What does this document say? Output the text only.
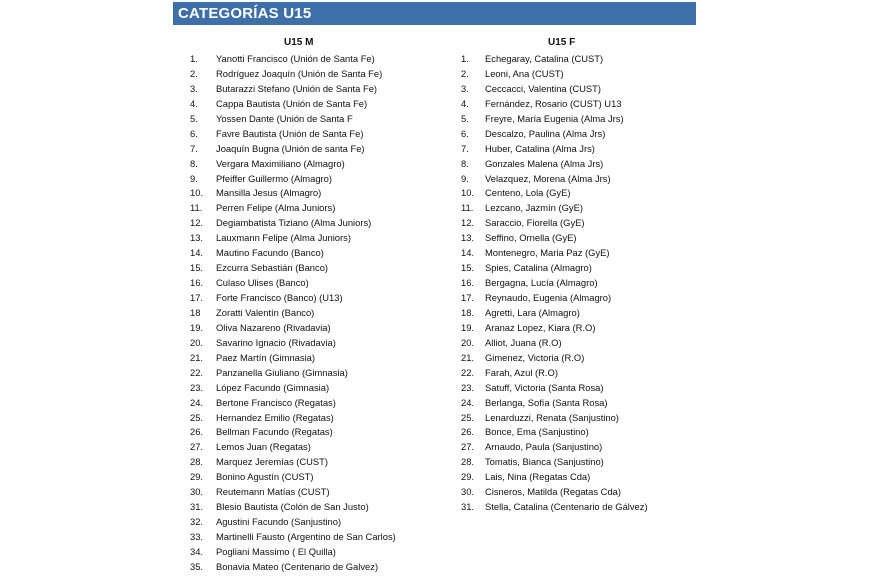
CATEGORÍAS U15
U15 M	U15 F
1. Yanotti Francisco (Unión de Santa Fe)
2. Rodríguez Joaquín (Unión de Santa Fe)
3. Butarazzi Stefano (Unión de Santa Fe)
4. Cappa Bautista (Unión de Santa Fe)
5. Yossen Dante (Unión de Santa F
6. Favre Bautista (Unión de Santa Fe)
7. Joaquín Bugna (Unión de santa Fe)
8. Vergara Maximiliano (Almagro)
9. Pfeiffer Guillermo (Almagro)
10. Mansilla Jesus (Almagro)
11. Perren Felipe (Alma Juniors)
12. Degiambatista Tiziano (Alma Juniors)
13. Lauxmann Felipe (Alma Juniors)
14. Mautino Facundo (Banco)
15. Ezcurra Sebastián (Banco)
16. Culaso Ulises (Banco)
17. Forte Francisco (Banco) (U13)
18 Zoratti Valentín (Banco)
19. Oliva Nazareno (Rivadavia)
20. Savarino Ignacio (Rivadavia)
21. Paez Martín (Gimnasia)
22. Panzanella Giuliano (Gimnasia)
23. López Facundo (Gimnasia)
24. Bertone Francisco (Regatas)
25. Hernandez Emilio (Regatas)
26. Bellman Facundo (Regatas)
27. Lemos Juan (Regatas)
28. Marquez Jeremías (CUST)
29. Bonino Agustín (CUST)
30. Reutemann Matías (CUST)
31. Blesio Bautista (Colón de San Justo)
32. Agustini Facundo (Sanjustino)
33. Martinelli Fausto (Argentino de San Carlos)
34. Pogliani Massimo ( El Quilla)
35. Bonavia Mateo (Centenario de Galvez)
1. Echegaray, Catalina (CUST)
2. Leoni, Ana (CUST)
3. Ceccacci, Valentina (CUST)
4. Fernández, Rosario (CUST) U13
5. Freyre, María Eugenia (Alma Jrs)
6. Descalzo, Paulina (Alma Jrs)
7. Huber, Catalina (Alma Jrs)
8. Gonzales Malena (Alma Jrs)
9. Velazquez, Morena (Alma Jrs)
10. Centeno, Lola (GyE)
11. Lezcano, Jazmín (GyE)
12. Saraccio, Fiorella (GyE)
13. Seffino, Ornella (GyE)
14. Montenegro, Maria Paz (GyE)
15. Spies, Catalina (Almagro)
16. Bergagna, Lucía (Almagro)
17. Reynaudo, Eugenia (Almagro)
18. Agretti, Lara (Almagro)
19. Aranaz Lopez, Kiara (R.O)
20. Alliot, Juana (R.O)
21. Gimenez, Victoria (R.O)
22. Farah, Azul (R.O)
23. Satuff, Victoria (Santa Rosa)
24. Berlanga, Sofía (Santa Rosa)
25. Lenarduzzi, Renata (Sanjustino)
26. Bonce, Ema (Sanjustino)
27. Arnaudo, Paula (Sanjustino)
28. Tomatis, Bianca (Sanjustino)
29. Lais, Nina (Regatas Cda)
30. Cisneros, Matilda (Regatas Cda)
31. Stella, Catalina (Centenario de Gálvez)
